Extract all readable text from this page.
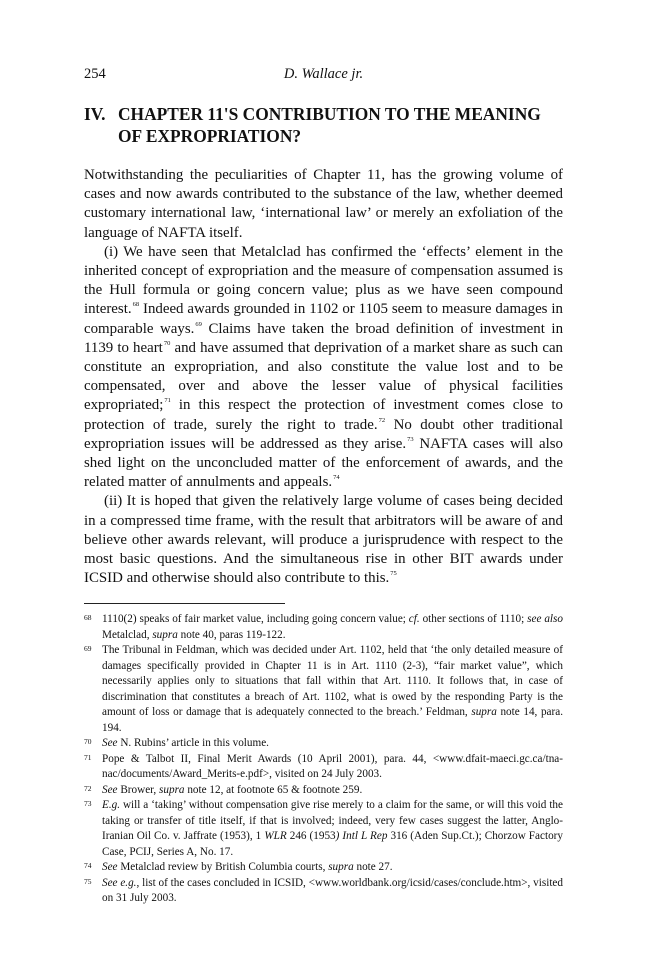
254	D. Wallace jr.
IV. CHAPTER 11'S CONTRIBUTION TO THE MEANING OF EXPROPRIATION?

Notwithstanding the peculiarities of Chapter 11, has the growing volume of cases and now awards contributed to the substance of the law, whether deemed customary international law, ‘international law’ or merely an exfoliation of the language of NAFTA itself.

(i) We have seen that Metalclad has confirmed the ‘effects’ element in the inherited concept of expropriation and the measure of compensation assumed is the Hull formula or going concern value; plus as we have seen compound interest.$^{68}$ Indeed awards grounded in 1102 or 1105 seem to measure damages in comparable ways.$^{69}$ Claims have taken the broad definition of investment in 1139 to heart$^{70}$ and have assumed that deprivation of a market share as such can constitute an expropriation, and also constitute the value lost and to be compensated, over and above the lesser value of physical facilities expropriated;$^{71}$ in this respect the protection of investment comes close to protection of trade, surely the right to trade.$^{72}$ No doubt other traditional expropriation issues will be addressed as they arise.$^{73}$ NAFTA cases will also shed light on the unconcluded matter of the enforcement of awards, and the related matter of annulments and appeals.$^{74}$

(ii) It is hoped that given the relatively large volume of cases being decided in a compressed time frame, with the result that arbitrators will be aware of and believe other awards relevant, will produce a jurisprudence with respect to the most basic questions. And the simultaneous rise in other BIT awards under ICSID and otherwise should also contribute to this.$^{75}$

68 1110(2) speaks of fair market value, including going concern value; cf. other sections of 1110; see also Metalclad, supra note 40, paras 119-122.
69 The Tribunal in Feldman, which was decided under Art. 1102, held that ‘the only detailed measure of damages specifically provided in Chapter 11 is in Art. 1110 (2-3), “fair market value”, which necessarily applies only to situations that fall within that Art. 1110. It follows that, in case of discrimination that constitutes a breach of Art. 1102, what is owed by the responding Party is the amount of loss or damage that is adequately connected to the breach.’ Feldman, supra note 14, para. 194.
70 See N. Rubins’ article in this volume.
71 Pope & Talbot II, Final Merit Awards (10 April 2001), para. 44, <www.dfait-maeci.gc.ca/tna-nac/documents/Award_Merits-e.pdf>, visited on 24 July 2003.
72 See Brower, supra note 12, at footnote 65 & footnote 259.
73 E.g. will a ‘taking’ without compensation give rise merely to a claim for the same, or will this void the taking or transfer of title itself, if that is involved; indeed, very few cases suggest the latter, Anglo-Iranian Oil Co. v. Jaffrate (1953), 1 WLR 246 (1953) Intl L Rep 316 (Aden Sup.Ct.); Chorzow Factory Case, PCIJ, Series A, No. 17.
74 See Metalclad review by British Columbia courts, supra note 27.
75 See e.g., list of the cases concluded in ICSID, <www.worldbank.org/icsid/cases/conclude.htm>, visited on 31 July 2003.
